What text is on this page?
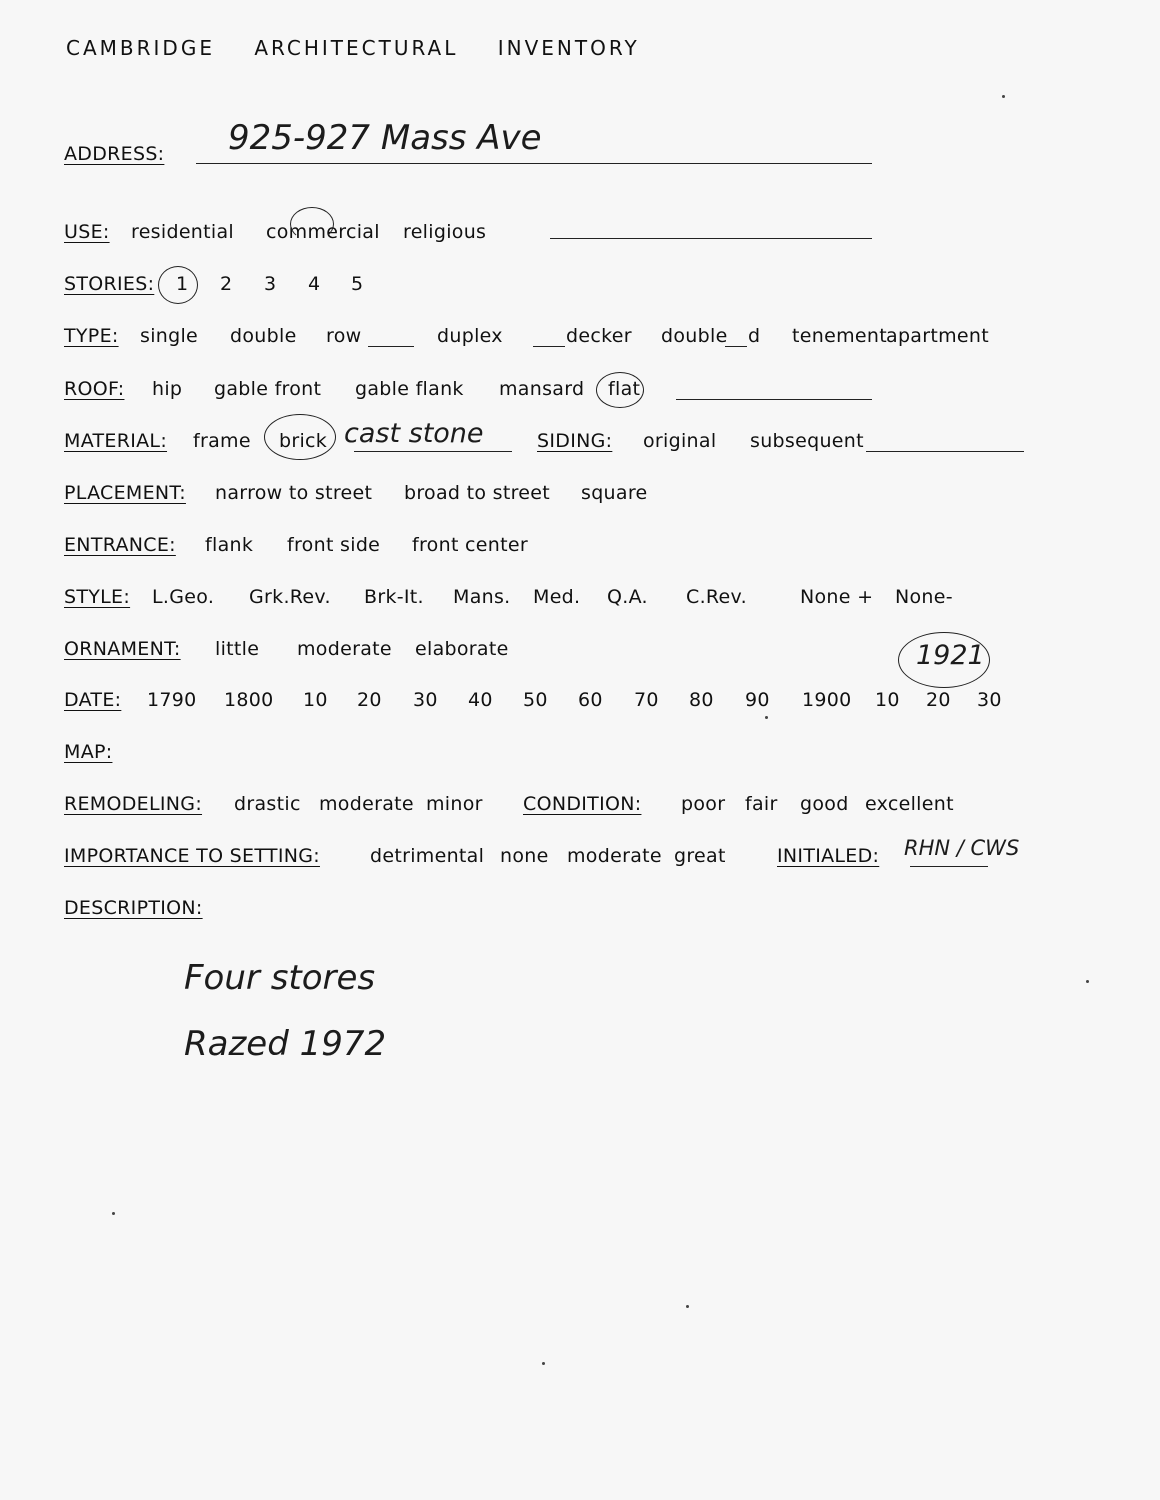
CAMBRIDGE ARCHITECTURAL INVENTORY
ADDRESS: 925-927 Mass Ave
USE: residential commercial religious
STORIES: 1 2 3 4 5
TYPE: single double row	duplex	decker double d tenement apartment
ROOF: hip gable front gable flank mansard flat
MATERIAL: frame brick cast stone	SIDING: original subsequent
PLACEMENT: narrow to street broad to street square
ENTRANCE: flank front side front center
STYLE: L.Geo. Grk.Rev. Brk-It. Mans. Med. Q.A. C.Rev.	None + None-
ORNAMENT: little moderate elaborate
DATE: 1790 1800 10 20 30 40 50 60 70 80 90 1900 10 20 30
1921
MAP:
REMODELING: drastic moderate minor CONDITION: poor fair good excellent
IMPORTANCE TO SETTING:	detrimental none moderate great	INITIALED: RHN / CWS
DESCRIPTION:
Four stores
Razed 1972
